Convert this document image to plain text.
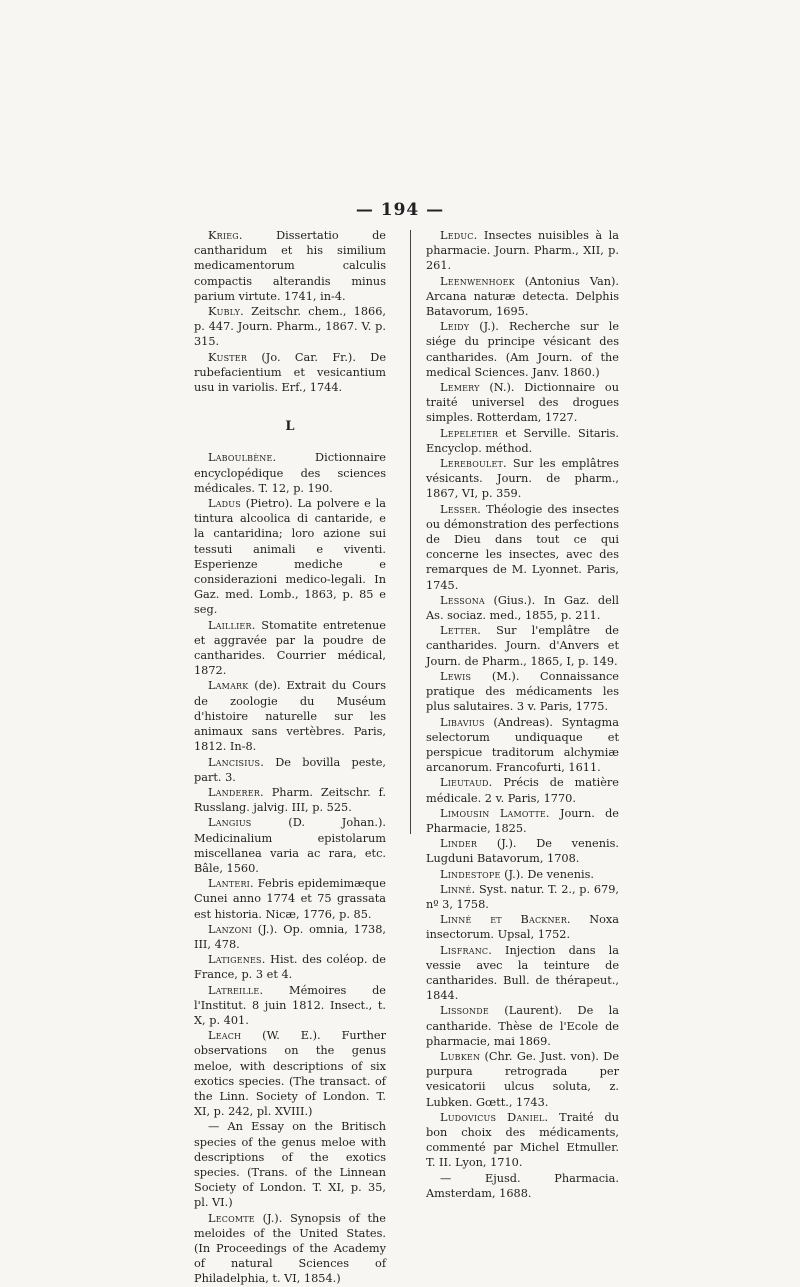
— 194 —

Krieg. Dissertatio de cantharidum et his similium medicamentorum calculis compactis alterandis minus parium virtute. 1741, in-4.

Kubly. Zeitschr. chem., 1866, p. 447. Journ. Pharm., 1867. V. p. 315.

Kuster (Jo. Car. Fr.). De rubefacientium et vesicantium usu in variolis. Erf., 1744.

L

Laboulbène. Dictionnaire encyclopédique des sciences médicales. T. 12, p. 190.

Ladus (Pietro). La polvere e la tintura alcoolica di cantaride, e la cantaridina; loro azione sui tessuti animali e viventi. Esperienze mediche e considerazioni medico-legali. In Gaz. med. Lomb., 1863, p. 85 e seg.

Laillier. Stomatite entretenue et aggravée par la poudre de cantharides. Courrier médical, 1872.

Lamark (de). Extrait du Cours de zoologie du Muséum d'histoire naturelle sur les animaux sans vertèbres. Paris, 1812. In-8.

Lancisius. De bovilla peste, part. 3.

Landerer. Pharm. Zeitschr. f. Russlang. jalvig. III, p. 525.

Langius (D. Johan.). Medicinalium epistolarum miscellanea varia ac rara, etc. Bâle, 1560.

Lanteri. Febris epidemimæque Cunei anno 1774 et 75 grassata est historia. Nicæ, 1776, p. 85.

Lanzoni (J.). Op. omnia, 1738, III, 478.

Latigenes. Hist. des coléop. de France, p. 3 et 4.

Latreille. Mémoires de l'Institut. 8 juin 1812. Insect., t. X, p. 401.

Leach (W. E.). Further observations on the genus meloe, with descriptions of six exotics species. (The transact. of the Linn. Society of London. T. XI, p. 242, pl. XVIII.)

— An Essay on the Britisch species of the genus meloe with descriptions of the exotics species. (Trans. of the Linnean Society of London. T. XI, p. 35, pl. VI.)

Lecomte (J.). Synopsis of the meloides of the United States. (In Proceedings of the Academy of natural Sciences of Philadelphia, t. VI, 1854.)

Leduc. Insectes nuisibles à la pharmacie. Journ. Pharm., XII, p. 261.

Leenwenhoek (Antonius Van). Arcana naturæ detecta. Delphis Batavorum, 1695.

Leidy (J.). Recherche sur le siége du principe vésicant des cantharides. (Am Journ. of the medical Sciences. Janv. 1860.)

Lemery (N.). Dictionnaire ou traité universel des drogues simples. Rotterdam, 1727.

Lepeletier et Serville. Sitaris. Encyclop. méthod.

Lereboulet. Sur les emplâtres vésicants. Journ. de pharm., 1867, VI, p. 359.

Lesser. Théologie des insectes ou démonstration des perfections de Dieu dans tout ce qui concerne les insectes, avec des remarques de M. Lyonnet. Paris, 1745.

Lessona (Gius.). In Gaz. dell As. sociaz. med., 1855, p. 211.

Letter. Sur l'emplâtre de cantharides. Journ. d'Anvers et Journ. de Pharm., 1865, I, p. 149.

Lewis (M.). Connaissance pratique des médicaments les plus salutaires. 3 v. Paris, 1775.

Libavius (Andreas). Syntagma selectorum undiquaque et perspicue traditorum alchymiæ arcanorum. Francofurti, 1611.

Lieutaud. Précis de matière médicale. 2 v. Paris, 1770.

Limousin Lamotte. Journ. de Pharmacie, 1825.

Linder (J.). De venenis. Lugduni Batavorum, 1708.

Lindestope (J.). De venenis.

Linné. Syst. natur. T. 2., p. 679, nº 3, 1758.

Linné et Backner. Noxa insectorum. Upsal, 1752.

Lisfranc. Injection dans la vessie avec la teinture de cantharides. Bull. de thérapeut., 1844.

Lissonde (Laurent). De la cantharide. Thèse de l'Ecole de pharmacie, mai 1869.

Lubken (Chr. Ge. Just. von). De purpura retrograda per vesicatorii ulcus soluta, z. Lubken. Gœtt., 1743.

Ludovicus Daniel. Traité du bon choix des médicaments, commenté par Michel Etmuller. T. II. Lyon, 1710.

— Ejusd. Pharmacia. Amsterdam, 1688.
